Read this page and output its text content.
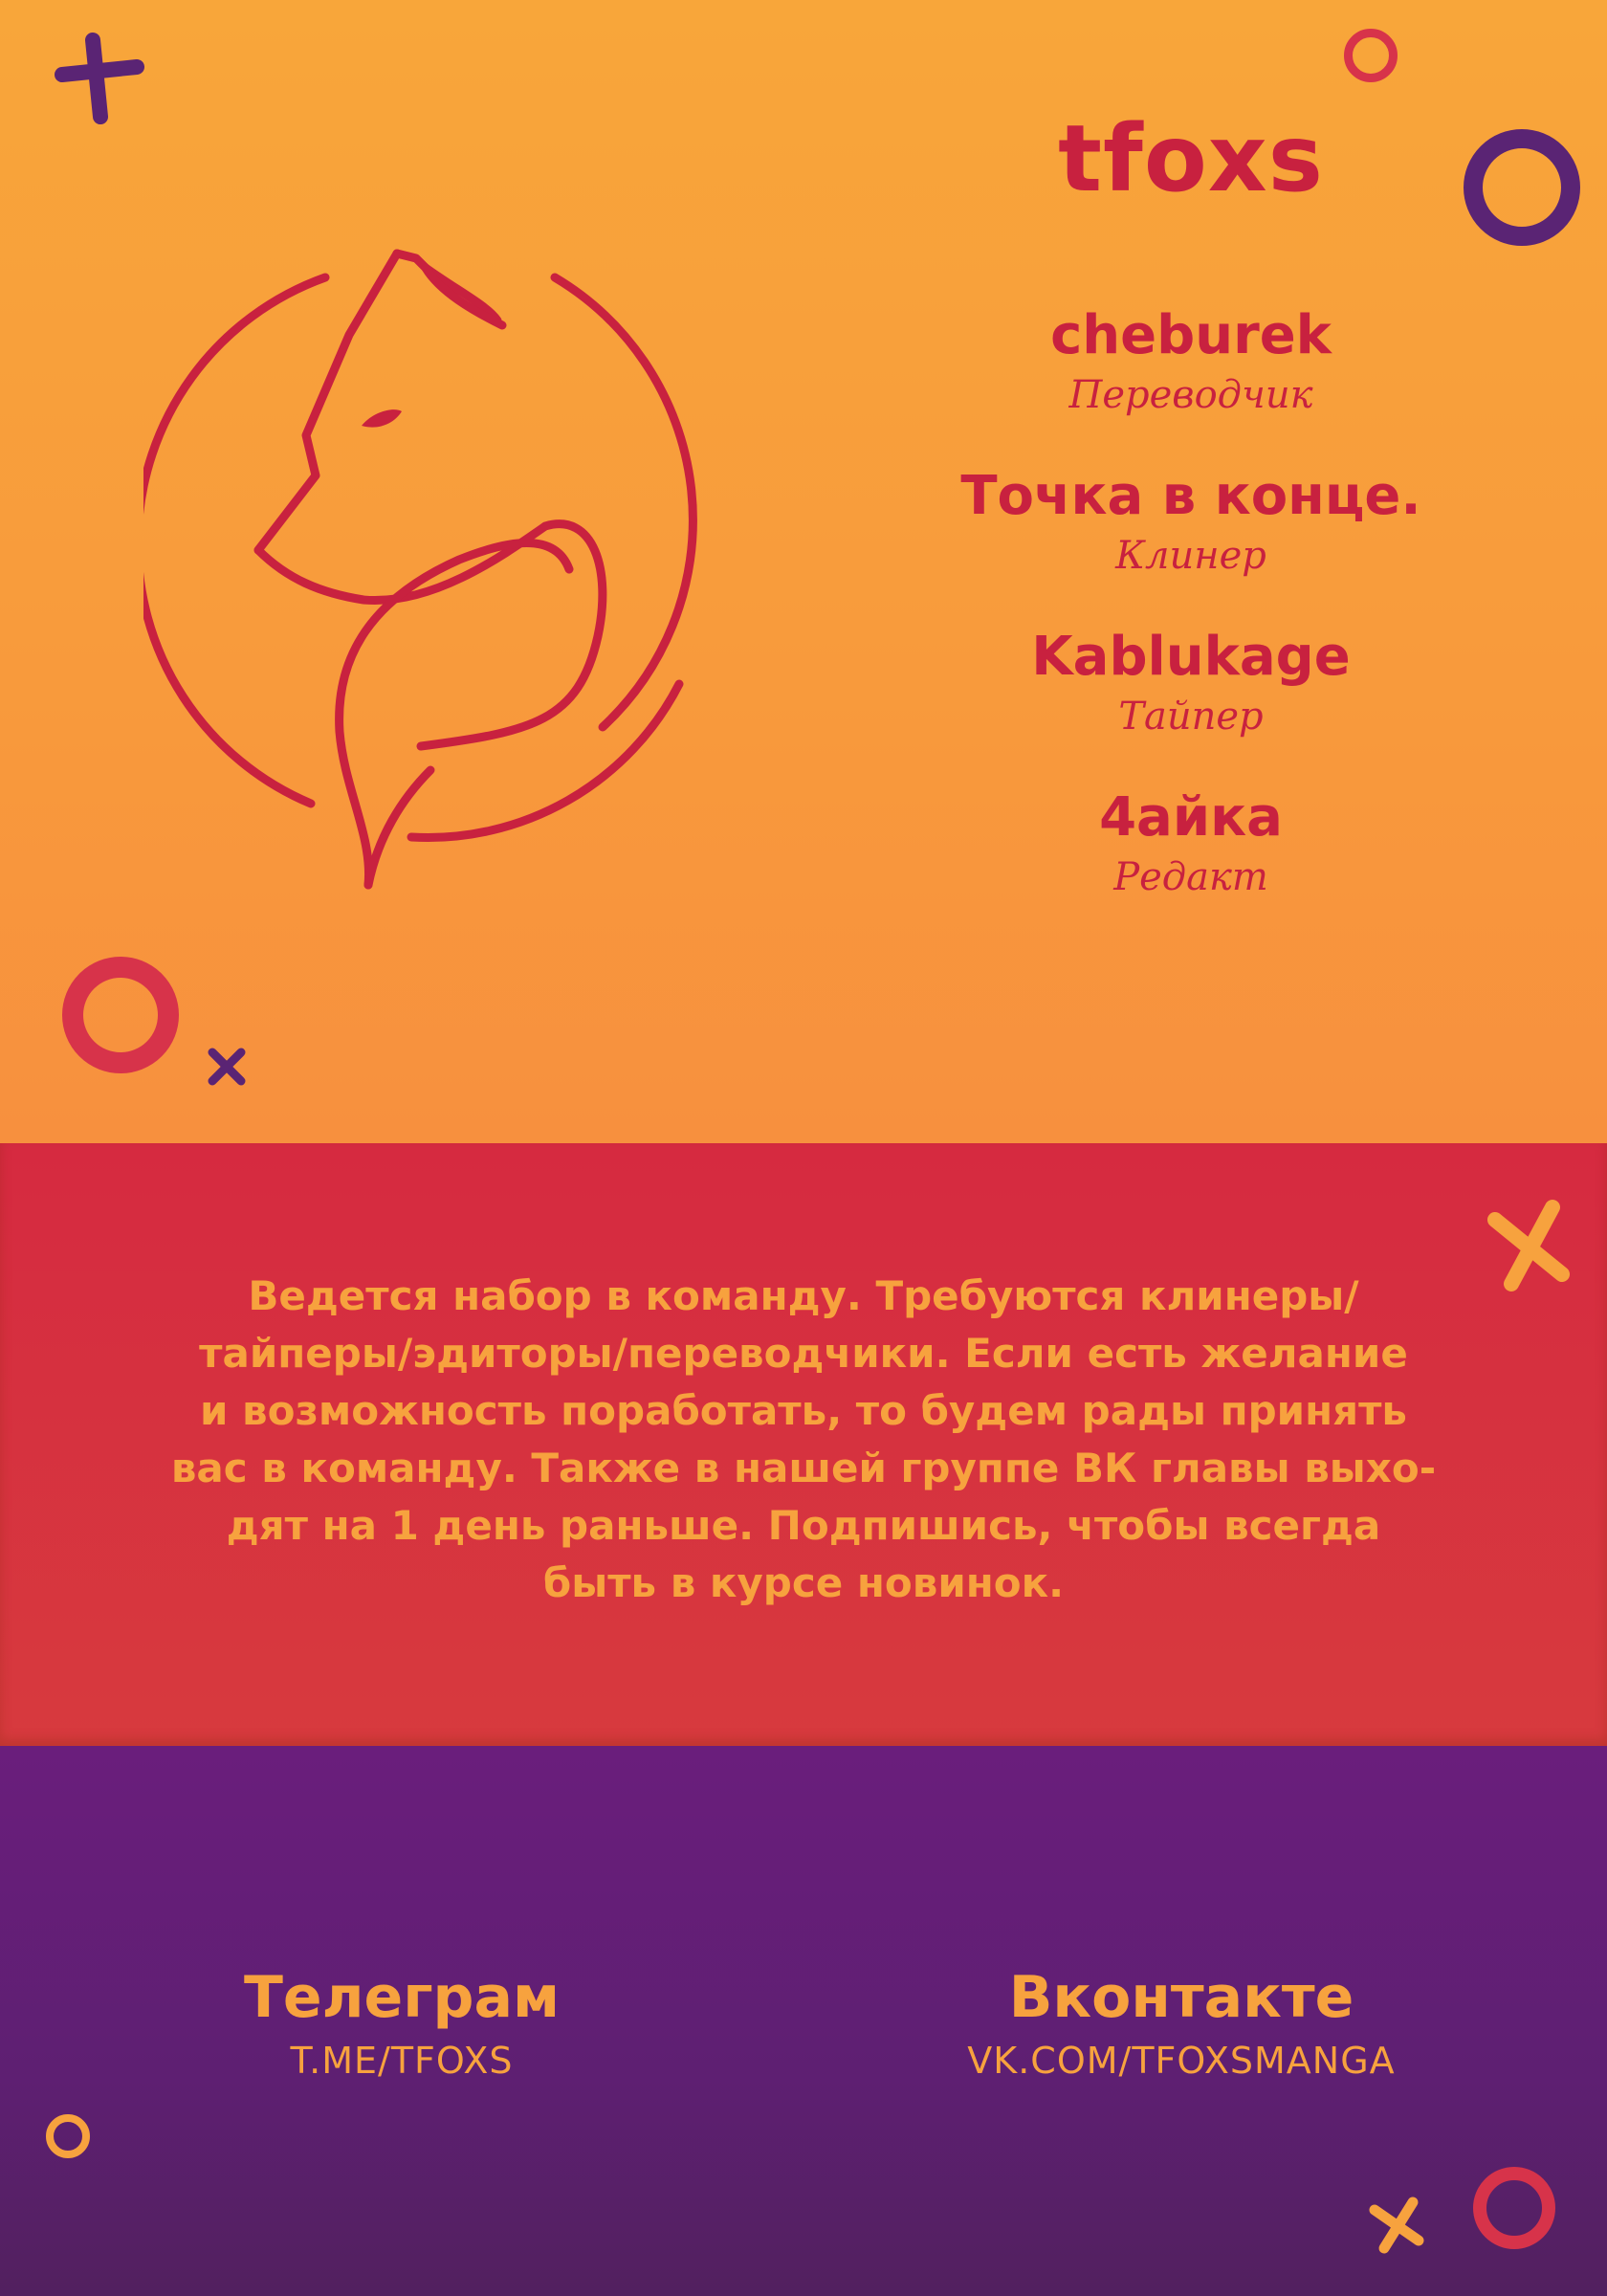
tfoxs
cheburek
Переводчик
Точка в конце.
Клинер
Kablukage
Тайпер
4айка
Редакт
Ведется набор в команду. Требуются клинеры/
тайперы/эдиторы/переводчики. Если есть желание
и возможность поработать, то будем рады принять
вас в команду. Также в нашей группе ВК главы выхо-
дят на 1 день раньше. Подпишись, чтобы всегда
быть в курсе новинок.
Телеграм
T.ME/TFOXS
Вконтакте
VK.COM/TFOXSMANGA
